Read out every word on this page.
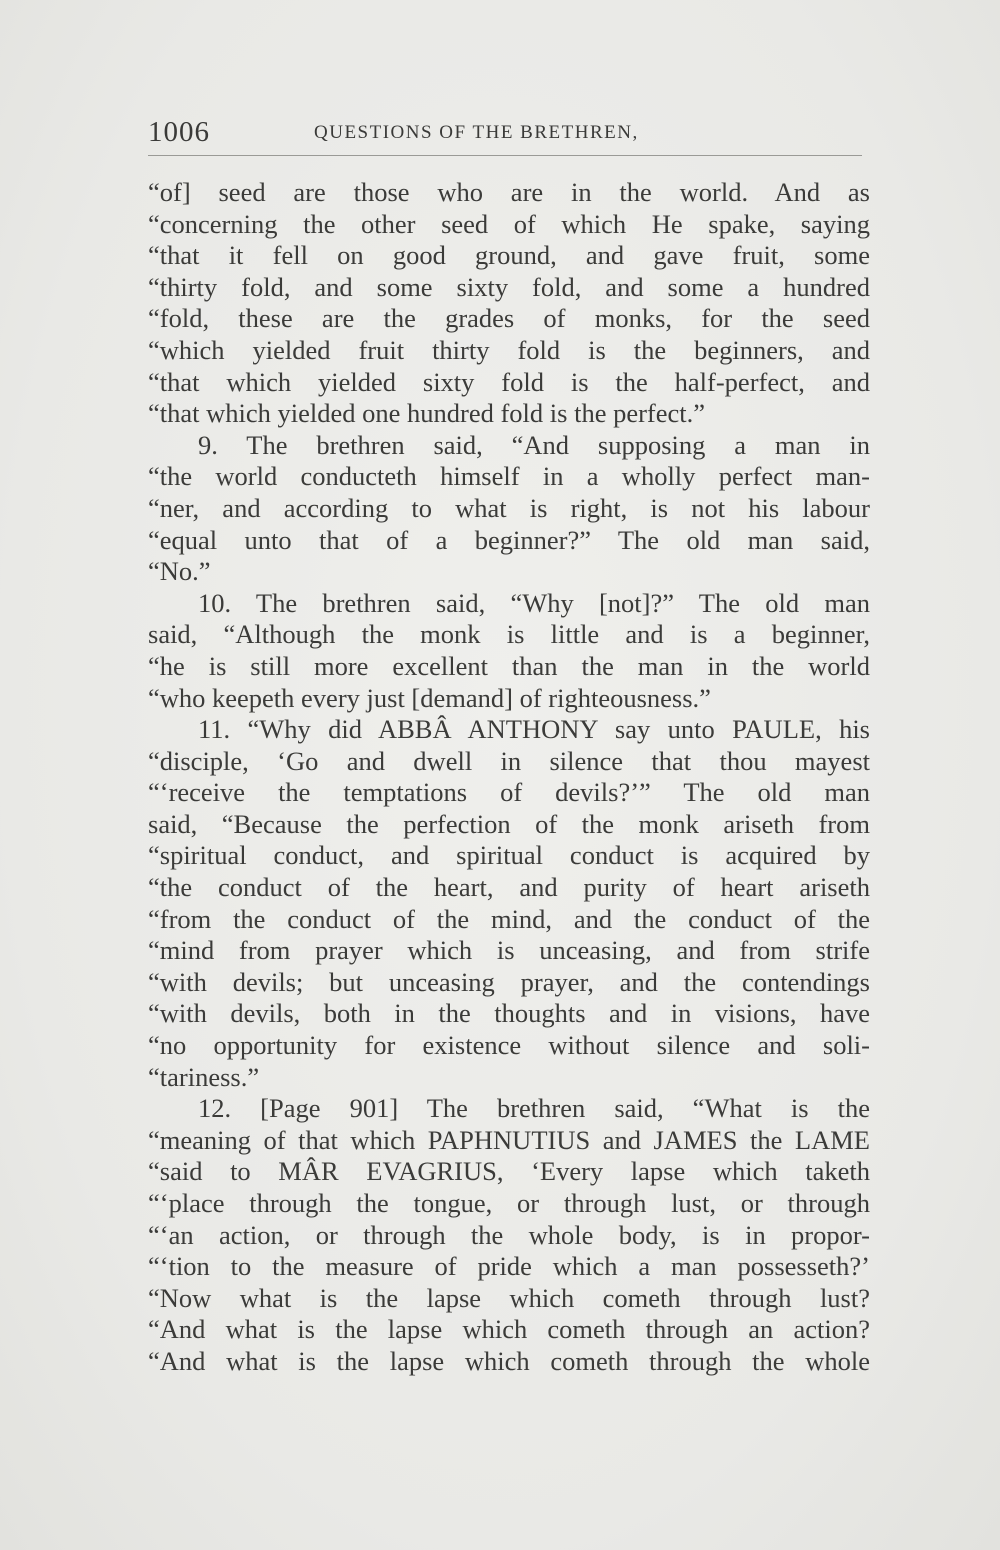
1006	QUESTIONS OF THE BRETHREN,
“of] seed are those who are in the world. And as
“concerning the other seed of which He spake, saying
“that it fell on good ground, and gave fruit, some
“thirty fold, and some sixty fold, and some a hundred
“fold, these are the grades of monks, for the seed
“which yielded fruit thirty fold is the beginners, and
“that which yielded sixty fold is the half-perfect, and
“that which yielded one hundred fold is the perfect.”
9. The brethren said, “And supposing a man in
“the world conducteth himself in a wholly perfect man-
“ner, and according to what is right, is not his labour
“equal unto that of a beginner?” The old man said,
“No.”
10. The brethren said, “Why [not]?” The old man
said, “Although the monk is little and is a beginner,
“he is still more excellent than the man in the world
“who keepeth every just [demand] of righteousness.”
11. “Why did ABBÂ ANTHONY say unto PAULE, his
“disciple, ‘Go and dwell in silence that thou mayest
“‘receive the temptations of devils?’” The old man
said, “Because the perfection of the monk ariseth from
“spiritual conduct, and spiritual conduct is acquired by
“the conduct of the heart, and purity of heart ariseth
“from the conduct of the mind, and the conduct of the
“mind from prayer which is unceasing, and from strife
“with devils; but unceasing prayer, and the contendings
“with devils, both in the thoughts and in visions, have
“no opportunity for existence without silence and soli-
“tariness.”
12. [Page 901] The brethren said, “What is the
“meaning of that which PAPHNUTIUS and JAMES the LAME
“said to MÂR EVAGRIUS, ‘Every lapse which taketh
“‘place through the tongue, or through lust, or through
“‘an action, or through the whole body, is in propor-
“‘tion to the measure of pride which a man possesseth?’
“Now what is the lapse which cometh through lust?
“And what is the lapse which cometh through an action?
“And what is the lapse which cometh through the whole
